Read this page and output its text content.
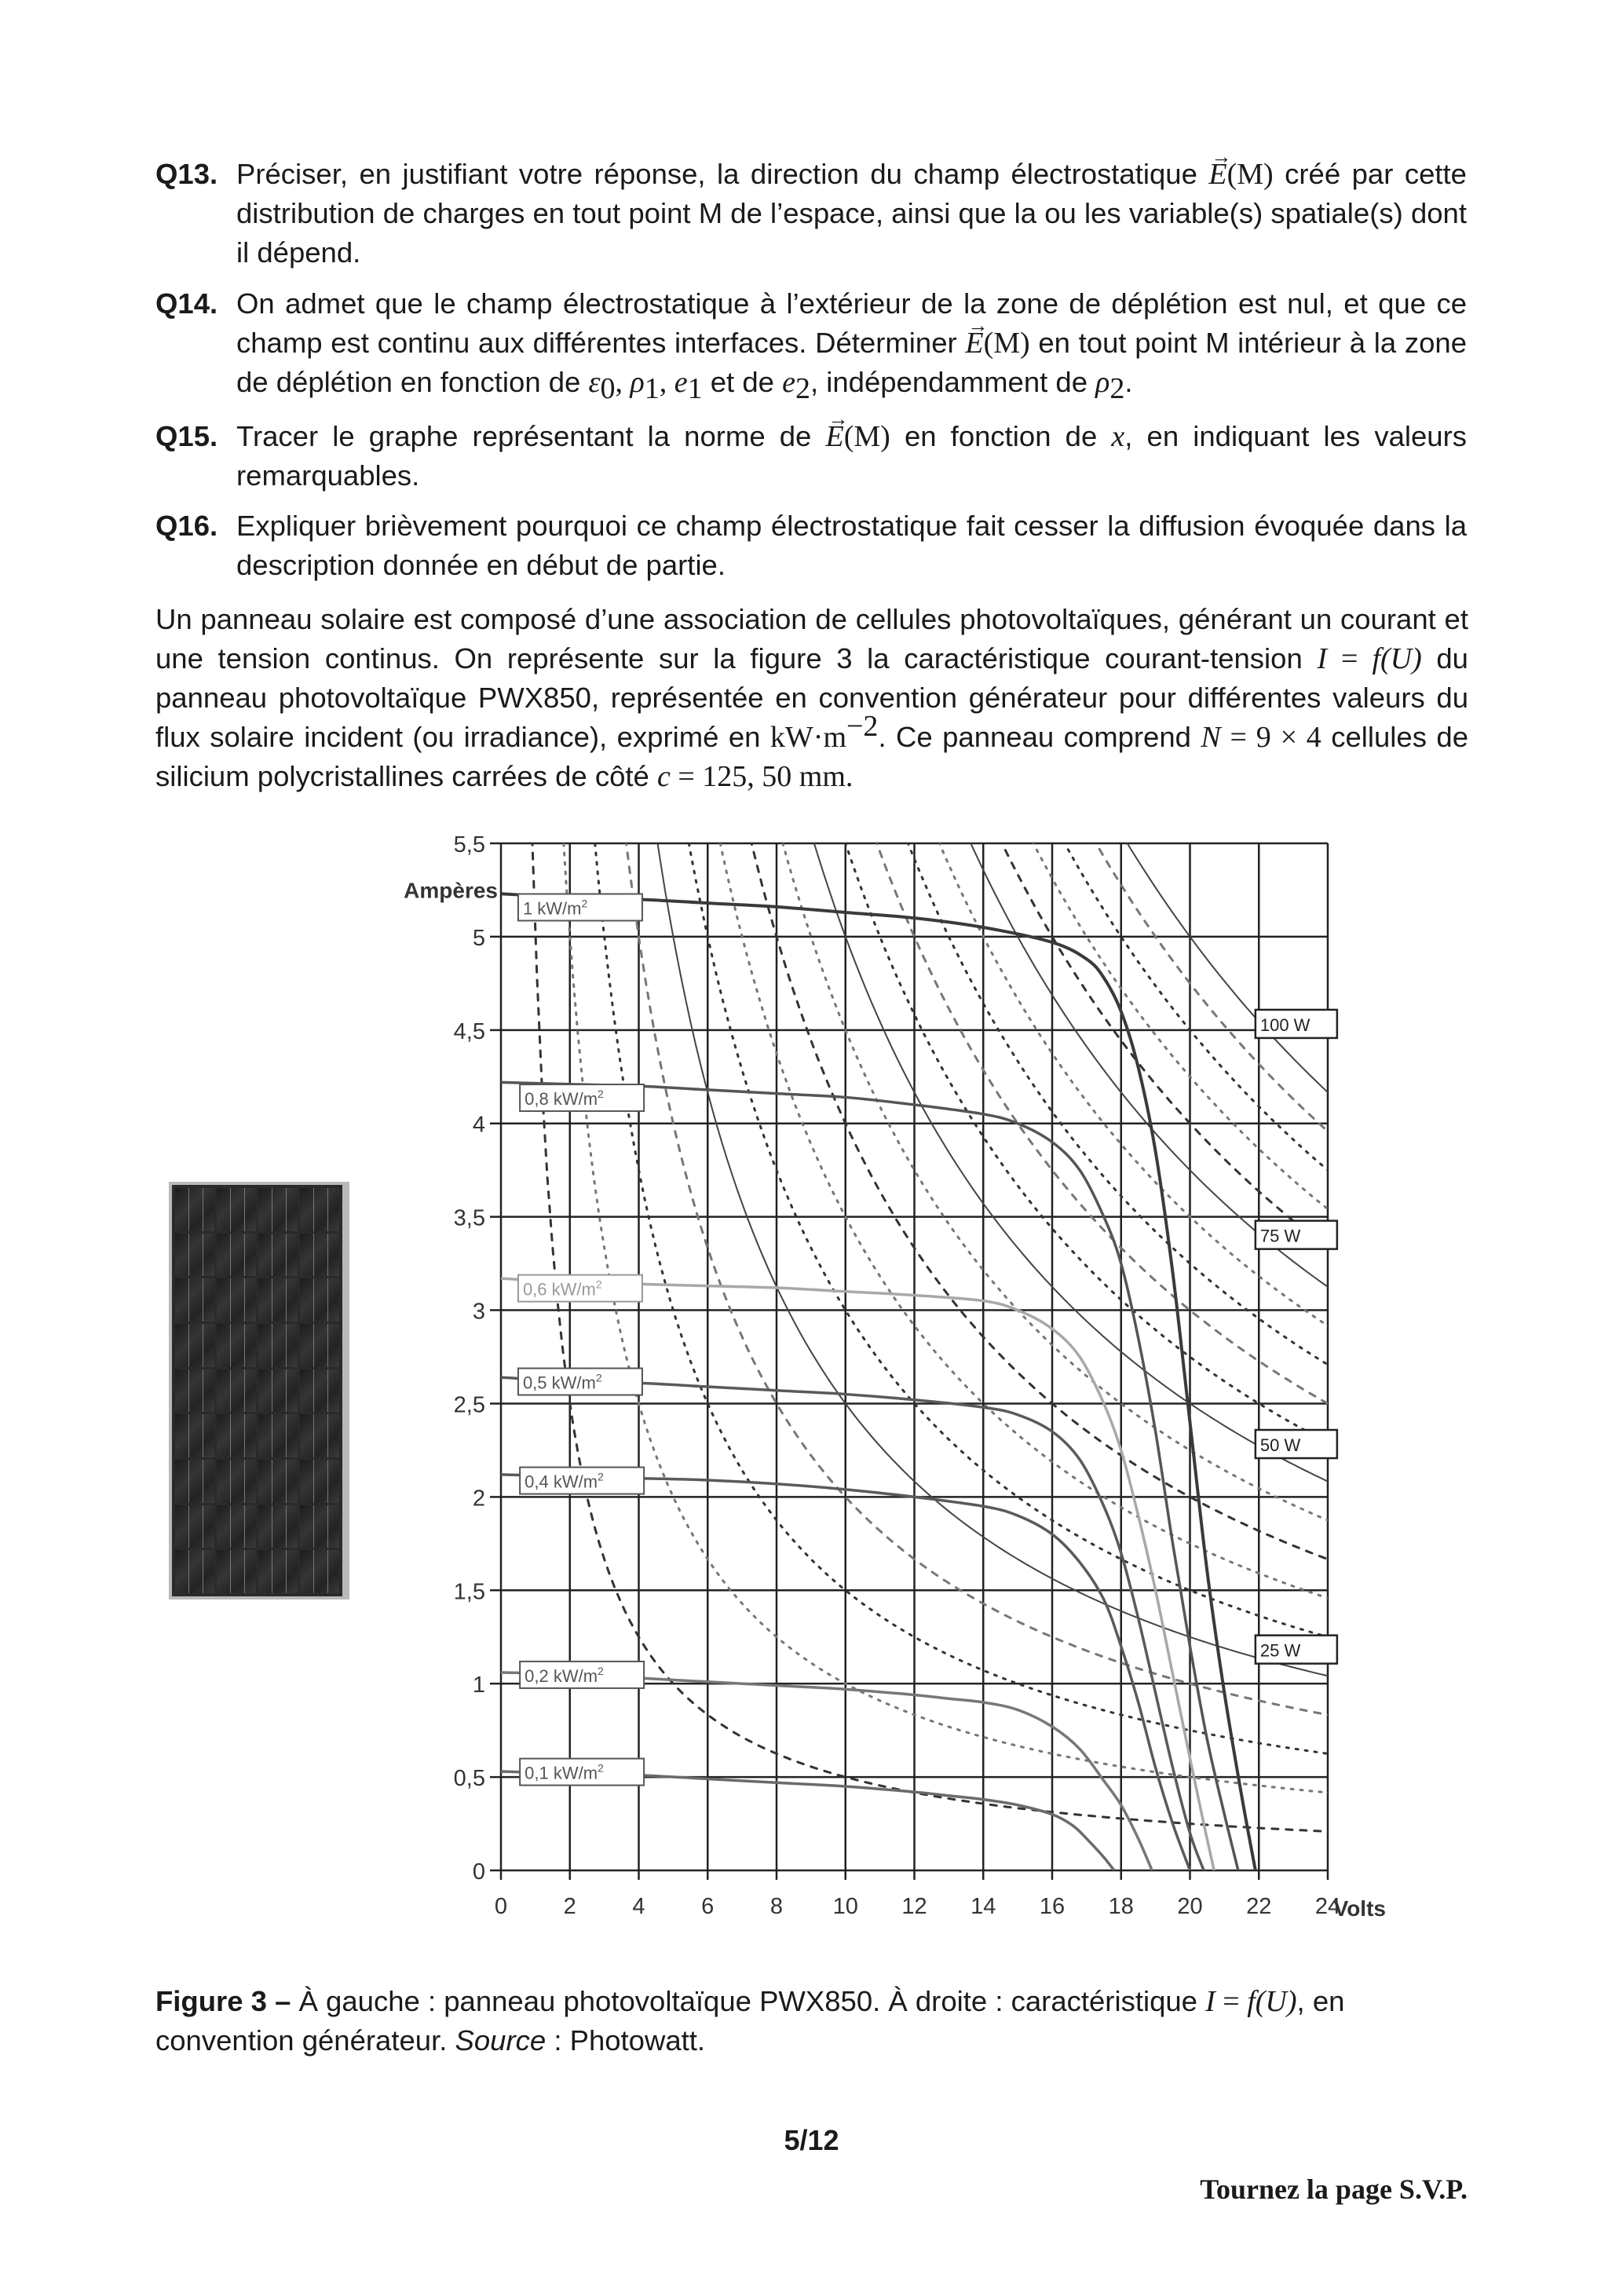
Q13. Préciser, en justifiant votre réponse, la direction du champ électrostatique → E(M) créé par cette distribution de charges en tout point M de l’espace, ainsi que la ou les variable(s) spatiale(s) dont il dépend.
Q14. On admet que le champ électrostatique à l’extérieur de la zone de déplétion est nul, et que ce champ est continu aux différentes interfaces. Déterminer → E(M) en tout point M intérieur à la zone de déplétion en fonction de $\varepsilon_0$, $\rho_1$, $e_1$ et de $e_2$, indépendamment de $\rho_2$.
Q15. Tracer le graphe représentant la norme de → E(M) en fonction de x, en indiquant les valeurs remarquables.
Q16. Expliquer brièvement pourquoi ce champ électrostatique fait cesser la diffusion évoquée dans la description donnée en début de partie.
Un panneau solaire est composé d’une association de cellules photovoltaïques, générant un courant et une tension continus. On représente sur la figure 3 la caractéristique courant-tension I = f(U) du panneau photovoltaïque PWX850, représentée en convention générateur pour différentes valeurs du flux solaire incident (ou irradiance), exprimé en $kW\cdot m^{-2}$. Ce panneau comprend N = 9 × 4 cellules de silicium polycristallines carrées de côté c = 125, 50 mm.
0 2 4 6 8 10 12 14 16 18 20 22 24
0
0,5
1
1,5
2
2,5
3
3,5
4
4,5
5
5,5
Ampères
Volts
1 $kW/m^2$
0,8 $kW/m^2$
0,6 $kW/m^2$
0,5 $kW/m^2$
0,4 $kW/m^2$
0,2 $kW/m^2$
0,1 $kW/m^2$
100 W
75 W
50 W
25 W
Figure 3 – À gauche : panneau photovoltaïque PWX850. À droite : caractéristique I = f(U), en convention générateur. Source : Photowatt.
5/12
Tournez la page S.V.P.
